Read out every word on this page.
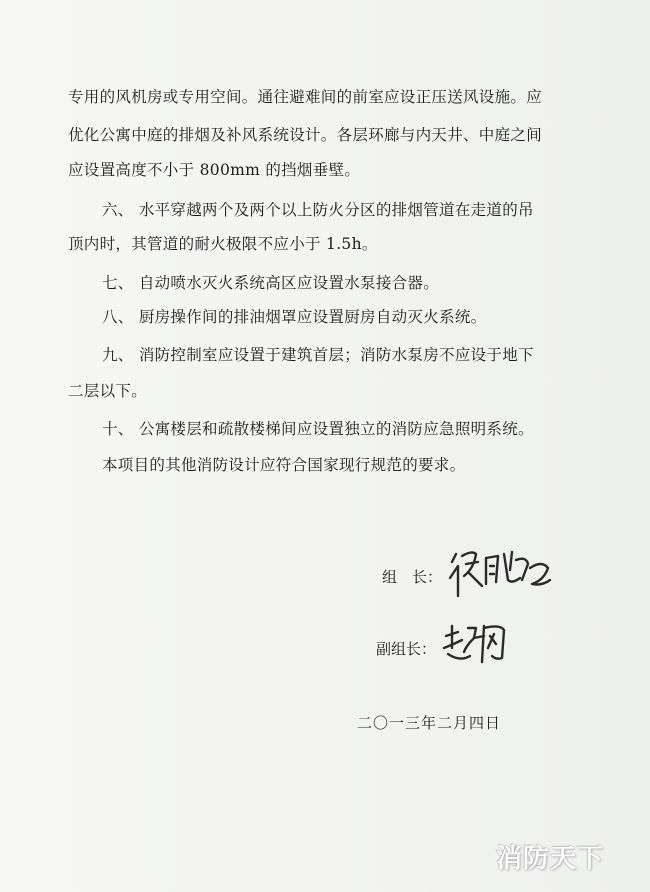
专用的风机房或专用空间。通往避难间的前室应设正压送风设施。应
优化公寓中庭的排烟及补风系统设计。各层环廊与内天井、中庭之间
应设置高度不小于 800mm 的挡烟垂壁。
六、 水平穿越两个及两个以上防火分区的排烟管道在走道的吊
顶内时，其管道的耐火极限不应小于 1.5h。
七、 自动喷水灭火系统高区应设置水泵接合器。
八、 厨房操作间的排油烟罩应设置厨房自动灭火系统。
九、 消防控制室应设置于建筑首层；消防水泵房不应设于地下
二层以下。
十、 公寓楼层和疏散楼梯间应设置独立的消防应急照明系统。
本项目的其他消防设计应符合国家现行规范的要求。
组　长：
副组长：
二〇一三年二月四日
消防天下
